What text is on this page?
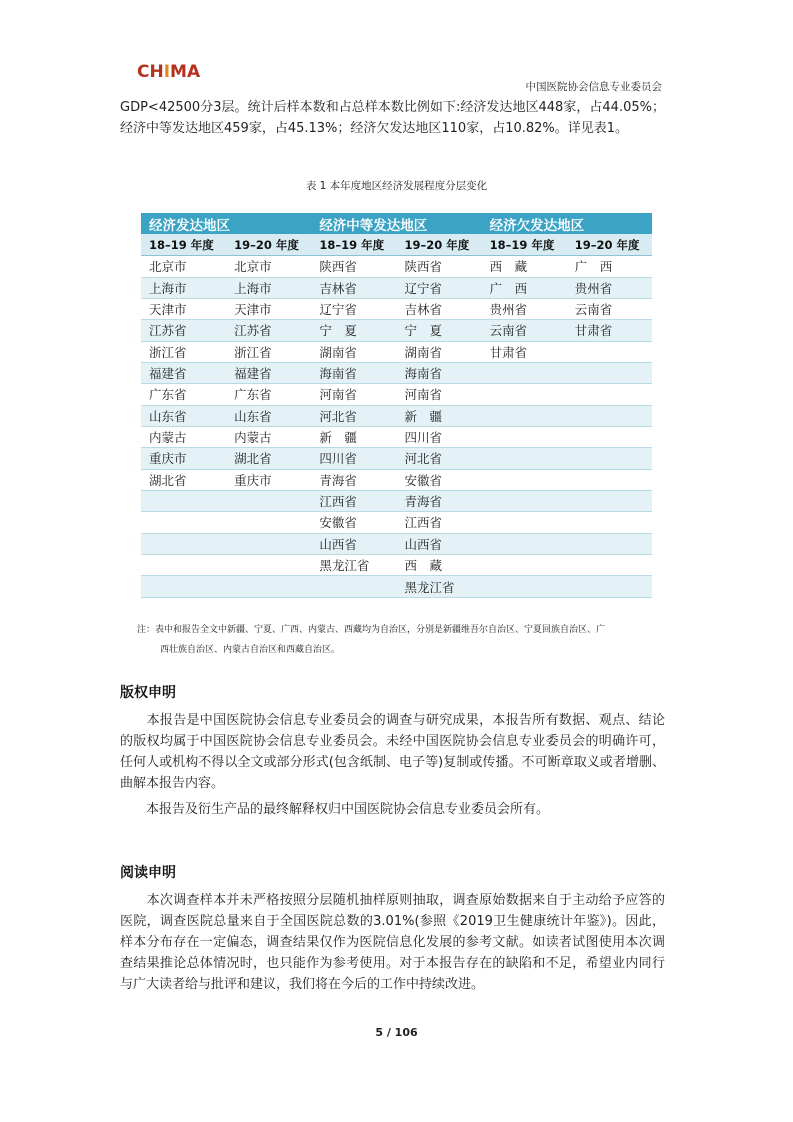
CHIMA
中国医院协会信息专业委员会

GDP<42500分3层。统计后样本数和占总样本数比例如下:经济发达地区448家，占44.05%；经济中等发达地区459家，占45.13%；经济欠发达地区110家，占10.82%。详见表1。

表 1 本年度地区经济发展程度分层变化
经济发达地区		经济中等发达地区		经济欠发达地区	
18–19 年度	19–20 年度	18–19 年度	19–20 年度	18–19 年度	19–20 年度
北京市	北京市	陕西省	陕西省	西　藏	广　西
上海市	上海市	吉林省	辽宁省	广　西	贵州省
天津市	天津市	辽宁省	吉林省	贵州省	云南省
江苏省	江苏省	宁　夏	宁　夏	云南省	甘肃省
浙江省	浙江省	湖南省	湖南省	甘肃省	
福建省	福建省	海南省	海南省		
广东省	广东省	河南省	河南省		
山东省	山东省	河北省	新　疆		
内蒙古	内蒙古	新　疆	四川省		
重庆市	湖北省	四川省	河北省		
湖北省	重庆市	青海省	安徽省		
		江西省	青海省		
		安徽省	江西省		
		山西省	山西省		
		黑龙江省	西　藏		
			黑龙江省		
注：表中和报告全文中新疆、宁夏、广西、内蒙古、西藏均为自治区，分别是新疆维吾尔自治区、宁夏回族自治区、广
西壮族自治区、内蒙古自治区和西藏自治区。
版权申明

　　本报告是中国医院协会信息专业委员会的调查与研究成果，本报告所有数据、观点、结论的版权均属于中国医院协会信息专业委员会。未经中国医院协会信息专业委员会的明确许可，任何人或机构不得以全文或部分形式(包含纸制、电子等)复制或传播。不可断章取义或者增删、曲解本报告内容。

　　本报告及衍生产品的最终解释权归中国医院协会信息专业委员会所有。

阅读申明

　　本次调查样本并未严格按照分层随机抽样原则抽取，调查原始数据来自于主动给予应答的医院，调查医院总量来自于全国医院总数的3.01%(参照《2019卫生健康统计年鉴》)。因此，样本分布存在一定偏态，调查结果仅作为医院信息化发展的参考文献。如读者试图使用本次调查结果推论总体情况时，也只能作为参考使用。对于本报告存在的缺陷和不足，希望业内同行与广大读者给与批评和建议，我们将在今后的工作中持续改进。

5 / 106
